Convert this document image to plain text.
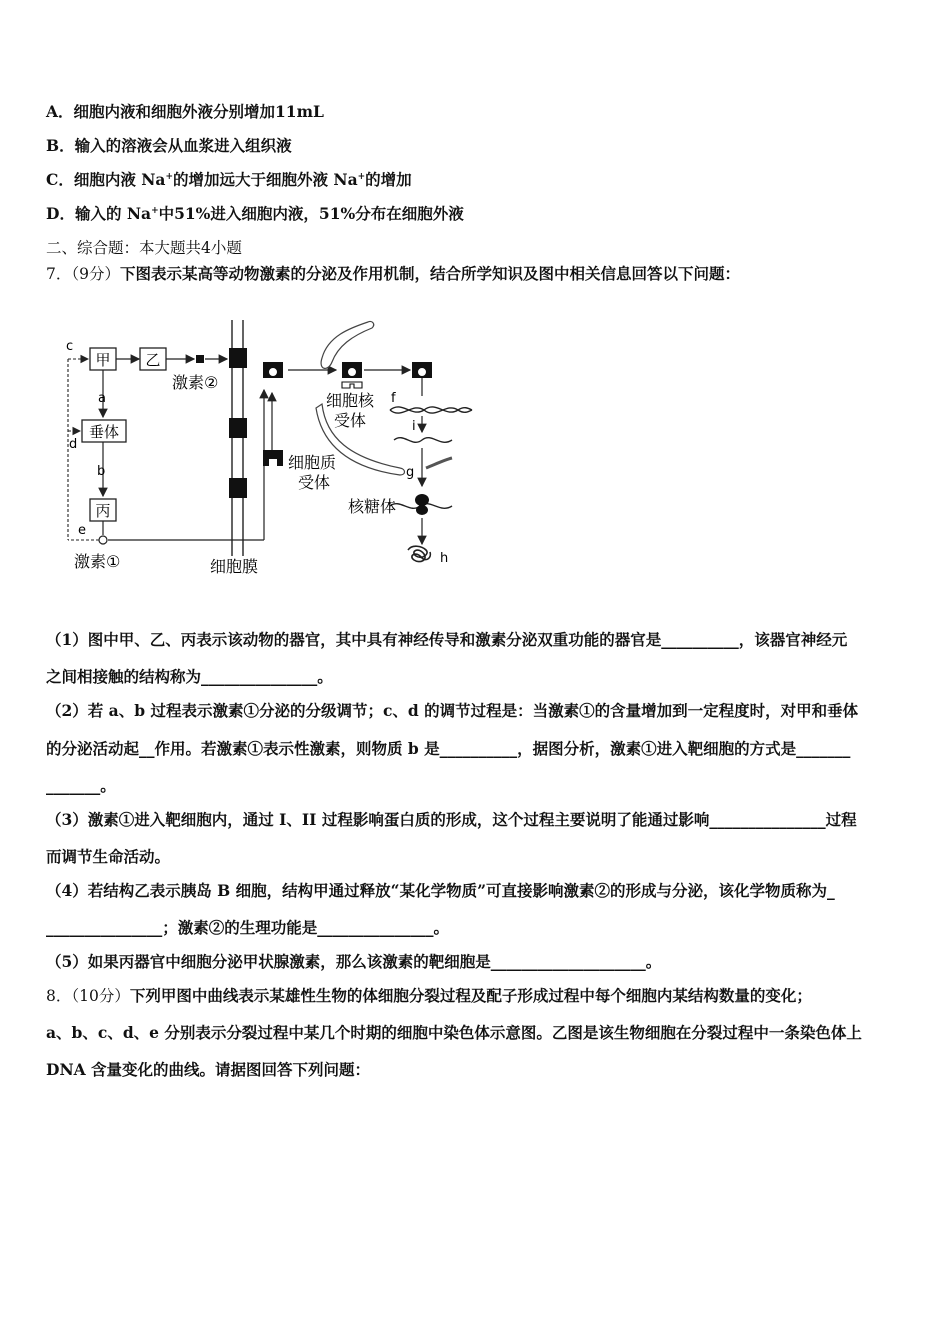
A．细胞内液和细胞外液分别增加11mL
B．输入的溶液会从血浆进入组织液
C．细胞内液 Na+的增加远大于细胞外液 Na+的增加
D．输入的 Na+中51%进入细胞内液，51%分布在细胞外液
二、综合题：本大题共4小题
7．（9分）下图表示某高等动物激素的分泌及作用机制，结合所学知识及图中相关信息回答以下问题：
甲 乙
激素②
c
a
垂体
d
b
丙
e
激素①	细胞膜
细胞质
受体
细胞核
受体
f
i
g
核糖体
h
（1）图中甲、乙、丙表示该动物的器官，其中具有神经传导和激素分泌双重功能的器官是__________，该器官神经元
之间相接触的结构称为_______________。
（2）若 a、b 过程表示激素①分泌的分级调节；c、d 的调节过程是：当激素①的含量增加到一定程度时，对甲和垂体
的分泌活动起__作用。若激素①表示性激素，则物质 b 是__________，据图分析，激素①进入靶细胞的方式是_______
_______。
（3）激素①进入靶细胞内，通过 I、II 过程影响蛋白质的形成，这个过程主要说明了能通过影响_______________过程
而调节生命活动。
（4）若结构乙表示胰岛 B 细胞，结构甲通过释放“某化学物质”可直接影响激素②的形成与分泌，该化学物质称为_
_______________；激素②的生理功能是_______________。
（5）如果丙器官中细胞分泌甲状腺激素，那么该激素的靶细胞是____________________。
8．（10分）下列甲图中曲线表示某雄性生物的体细胞分裂过程及配子形成过程中每个细胞内某结构数量的变化；
a、b、c、d、e 分别表示分裂过程中某几个时期的细胞中染色体示意图。乙图是该生物细胞在分裂过程中一条染色体上
DNA 含量变化的曲线。请据图回答下列问题：
